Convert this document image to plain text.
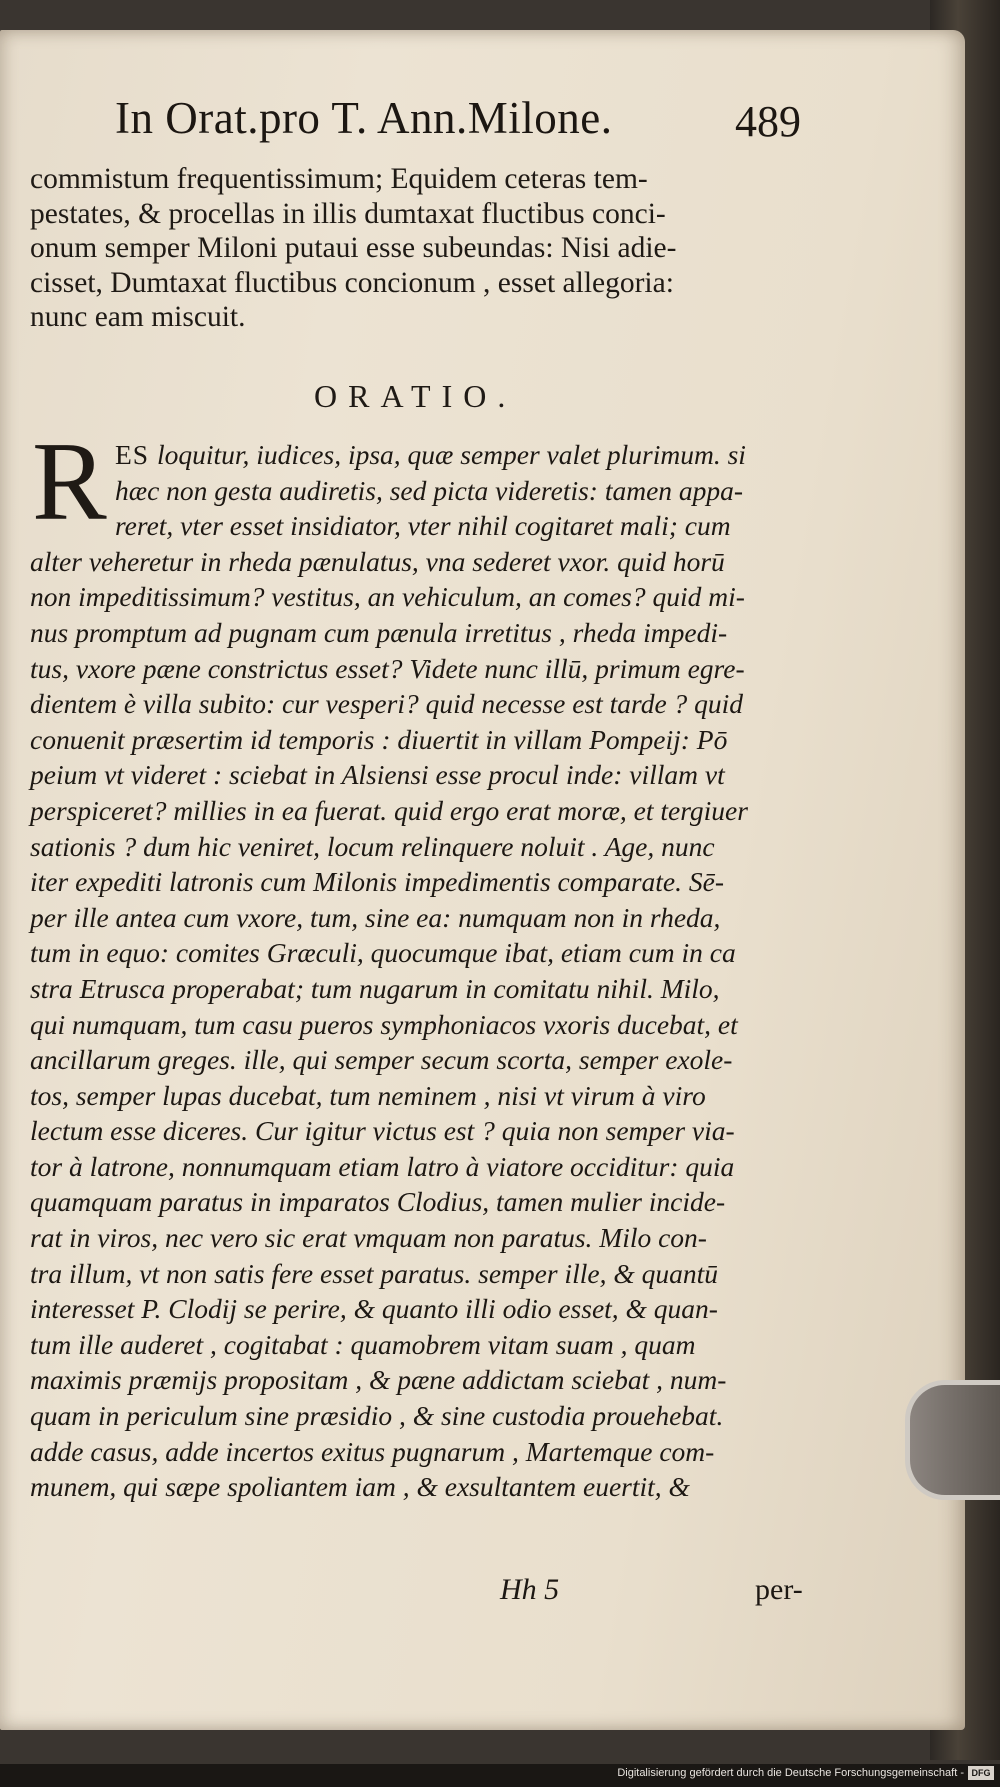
In Orat.pro T. Ann.Milone.	489
commistum frequentissimum; Equidem ceteras tem-
pestates, & procellas in illis dumtaxat fluctibus conci-
onum semper Miloni putaui esse subeundas: Nisi adie-
cisset, Dumtaxat fluctibus concionum , esset allegoria:
nunc eam miscuit.
ORATIO.
R ES loquitur, iudices, ipsa, quæ semper valet plurimum. si
hæc non gesta audiretis, sed picta videretis: tamen appa-
reret, vter esset insidiator, vter nihil cogitaret mali; cum
alter veheretur in rheda pænulatus, vna sederet vxor. quid horū
non impeditissimum? vestitus, an vehiculum, an comes? quid mi-
nus promptum ad pugnam cum pænula irretitus , rheda impedi-
tus, vxore pæne constrictus esset? Videte nunc illū, primum egre-
dientem è villa subito: cur vesperi? quid necesse est tarde ? quid
conuenit præsertim id temporis : diuertit in villam Pompeij: Pō
peium vt videret : sciebat in Alsiensi esse procul inde: villam vt
perspiceret? millies in ea fuerat. quid ergo erat moræ, et tergiuer
sationis ? dum hic veniret, locum relinquere noluit . Age, nunc
iter expediti latronis cum Milonis impedimentis comparate. Sē-
per ille antea cum vxore, tum, sine ea: numquam non in rheda,
tum in equo: comites Græculi, quocumque ibat, etiam cum in ca
stra Etrusca properabat; tum nugarum in comitatu nihil. Milo,
qui numquam, tum casu pueros symphoniacos vxoris ducebat, et
ancillarum greges. ille, qui semper secum scorta, semper exole-
tos, semper lupas ducebat, tum neminem , nisi vt virum à viro
lectum esse diceres. Cur igitur victus est ? quia non semper via-
tor à latrone, nonnumquam etiam latro à viatore occiditur: quia
quamquam paratus in imparatos Clodius, tamen mulier incide-
rat in viros, nec vero sic erat vmquam non paratus. Milo con-
tra illum, vt non satis fere esset paratus. semper ille, & quantū
interesset P. Clodij se perire, & quanto illi odio esset, & quan-
tum ille auderet , cogitabat : quamobrem vitam suam , quam
maximis præmijs propositam , & pæne addictam sciebat , num-
quam in periculum sine præsidio , & sine custodia prouehebat.
adde casus, adde incertos exitus pugnarum , Martemque com-
munem, qui sæpe spoliantem iam , & exsultantem euertit, &
Hh 5	per-
Digitalisierung gefördert durch die Deutsche Forschungsgemeinschaft - DFG
